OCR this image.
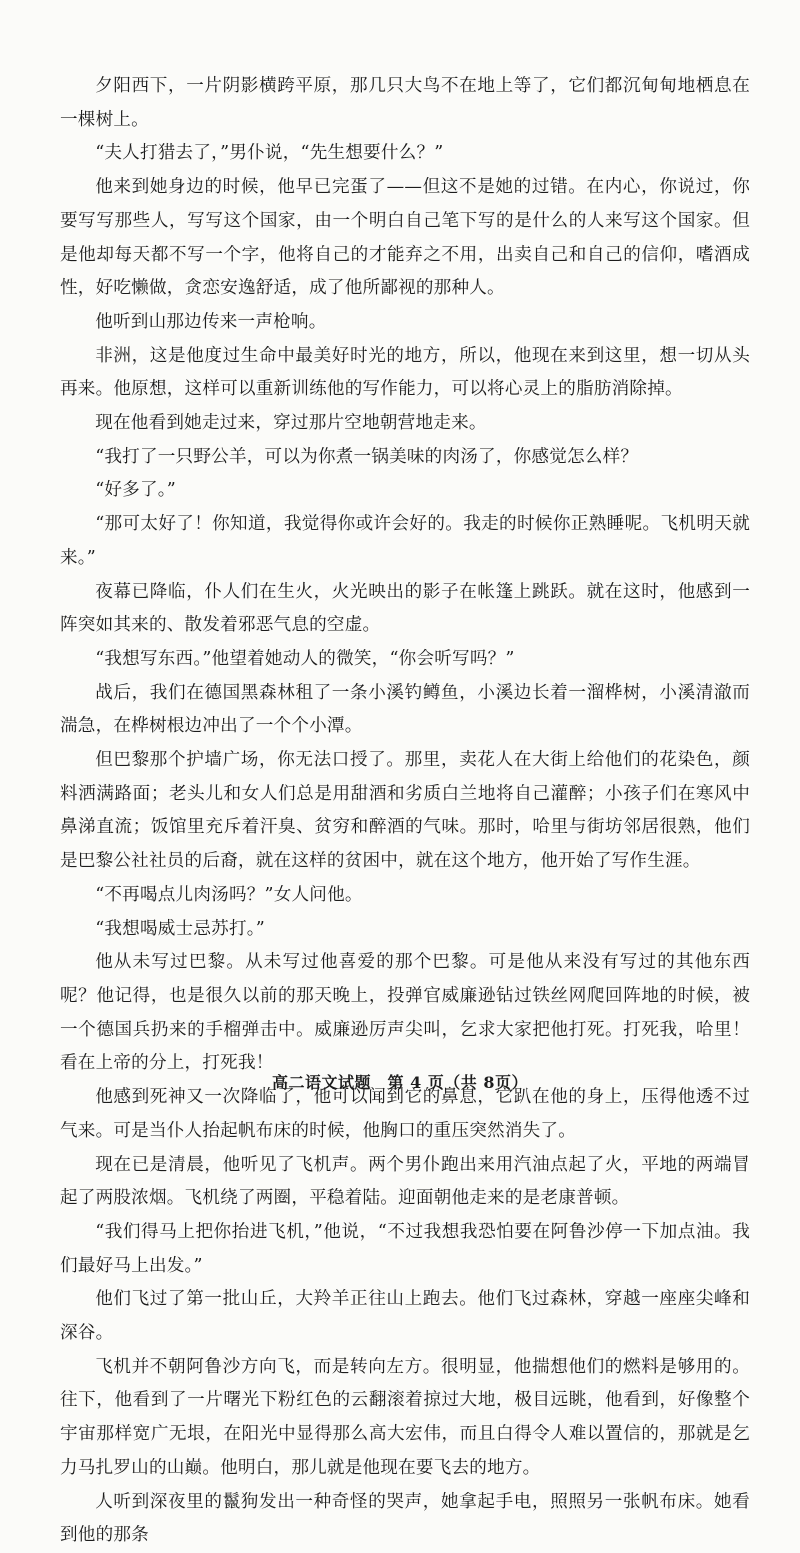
夕阳西下，一片阴影横跨平原，那几只大鸟不在地上等了，它们都沉甸甸地栖息在一棵树上。

“夫人打猎去了，”男仆说，“先生想要什么？”

他来到她身边的时候，他早已完蛋了——但这不是她的过错。在内心，你说过，你要写写那些人，写写这个国家，由一个明白自己笔下写的是什么的人来写这个国家。但是他却每天都不写一个字，他将自己的才能弃之不用，出卖自己和自己的信仰，嗜酒成性，好吃懒做，贪恋安逸舒适，成了他所鄙视的那种人。

他听到山那边传来一声枪响。

非洲，这是他度过生命中最美好时光的地方，所以，他现在来到这里，想一切从头再来。他原想，这样可以重新训练他的写作能力，可以将心灵上的脂肪消除掉。

现在他看到她走过来，穿过那片空地朝营地走来。

“我打了一只野公羊，可以为你煮一锅美味的肉汤了，你感觉怎么样？

“好多了。”

“那可太好了！你知道，我觉得你或许会好的。我走的时候你正熟睡呢。飞机明天就来。”

夜幕已降临，仆人们在生火，火光映出的影子在帐篷上跳跃。就在这时，他感到一阵突如其来的、散发着邪恶气息的空虚。

“我想写东西。”他望着她动人的微笑，“你会听写吗？”

战后，我们在德国黑森林租了一条小溪钓鳟鱼，小溪边长着一溜桦树，小溪清澈而湍急，在桦树根边冲出了一个个小潭。

但巴黎那个护墙广场，你无法口授了。那里，卖花人在大街上给他们的花染色，颜料洒满路面；老头儿和女人们总是用甜酒和劣质白兰地将自己灌醉；小孩子们在寒风中鼻涕直流；饭馆里充斥着汗臭、贫穷和醉酒的气味。那时，哈里与街坊邻居很熟，他们是巴黎公社社员的后裔，就在这样的贫困中，就在这个地方，他开始了写作生涯。

“不再喝点儿肉汤吗？”女人问他。

“我想喝威士忌苏打。”

他从未写过巴黎。从未写过他喜爱的那个巴黎。可是他从来没有写过的其他东西呢？他记得，也是很久以前的那天晚上，投弹官威廉逊钻过铁丝网爬回阵地的时候，被一个德国兵扔来的手榴弹击中。威廉逊厉声尖叫，乞求大家把他打死。打死我，哈里！看在上帝的分上，打死我！

他感到死神又一次降临了，他可以闻到它的鼻息，它趴在他的身上，压得他透不过气来。可是当仆人抬起帆布床的时候，他胸口的重压突然消失了。

现在已是清晨，他听见了飞机声。两个男仆跑出来用汽油点起了火，平地的两端冒起了两股浓烟。飞机绕了两圈，平稳着陆。迎面朝他走来的是老康普顿。

“我们得马上把你抬进飞机，”他说，“不过我想我恐怕要在阿鲁沙停一下加点油。我们最好马上出发。”

他们飞过了第一批山丘，大羚羊正往山上跑去。他们飞过森林，穿越一座座尖峰和深谷。

飞机并不朝阿鲁沙方向飞，而是转向左方。很明显，他揣想他们的燃料是够用的。往下，他看到了一片曙光下粉红色的云翻滚着掠过大地，极目远眺，他看到，好像整个宇宙那样宽广无垠，在阳光中显得那么高大宏伟，而且白得令人难以置信的，那就是乞力马扎罗山的山巅。他明白，那儿就是他现在要飞去的地方。

人听到深夜里的鬣狗发出一种奇怪的哭声，她拿起手电，照照另一张帆布床。她看到他的那条

高二语文试题　第 4 页（共 8页）
